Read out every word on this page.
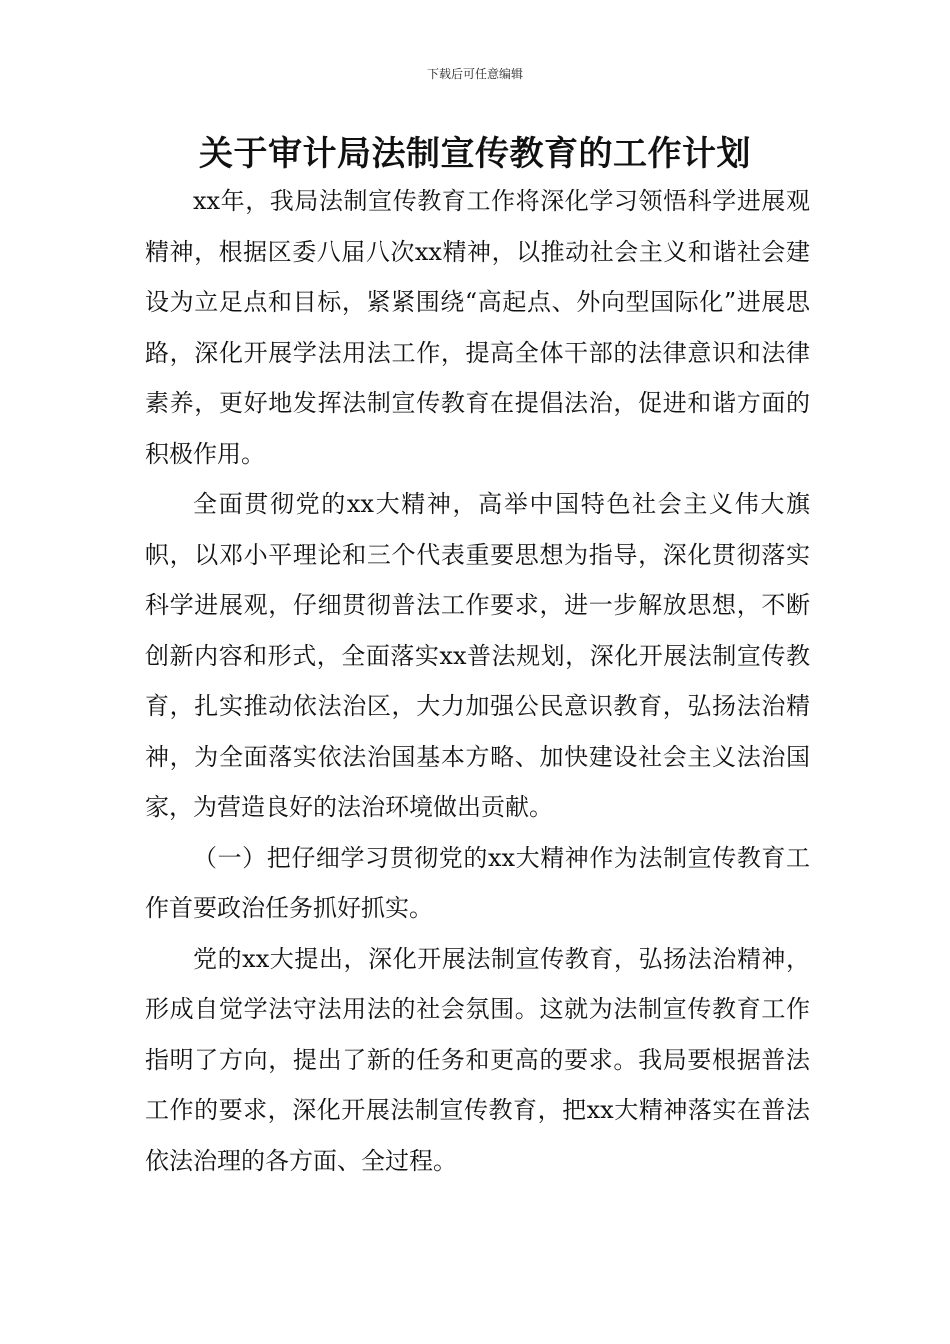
下载后可任意编辑
关于审计局法制宣传教育的工作计划

xx年，我局法制宣传教育工作将深化学习领悟科学进展观精神，根据区委八届八次xx精神，以推动社会主义和谐社会建设为立足点和目标，紧紧围绕“高起点、外向型国际化”进展思路，深化开展学法用法工作，提高全体干部的法律意识和法律素养，更好地发挥法制宣传教育在提倡法治，促进和谐方面的积极作用。

全面贯彻党的xx大精神，高举中国特色社会主义伟大旗帜，以邓小平理论和三个代表重要思想为指导，深化贯彻落实科学进展观，仔细贯彻普法工作要求，进一步解放思想，不断创新内容和形式，全面落实xx普法规划，深化开展法制宣传教育，扎实推动依法治区，大力加强公民意识教育，弘扬法治精神，为全面落实依法治国基本方略、加快建设社会主义法治国家，为营造良好的法治环境做出贡献。

（一）把仔细学习贯彻党的xx大精神作为法制宣传教育工作首要政治任务抓好抓实。

党的xx大提出，深化开展法制宣传教育，弘扬法治精神，形成自觉学法守法用法的社会氛围。这就为法制宣传教育工作指明了方向，提出了新的任务和更高的要求。我局要根据普法工作的要求，深化开展法制宣传教育，把xx大精神落实在普法依法治理的各方面、全过程。
